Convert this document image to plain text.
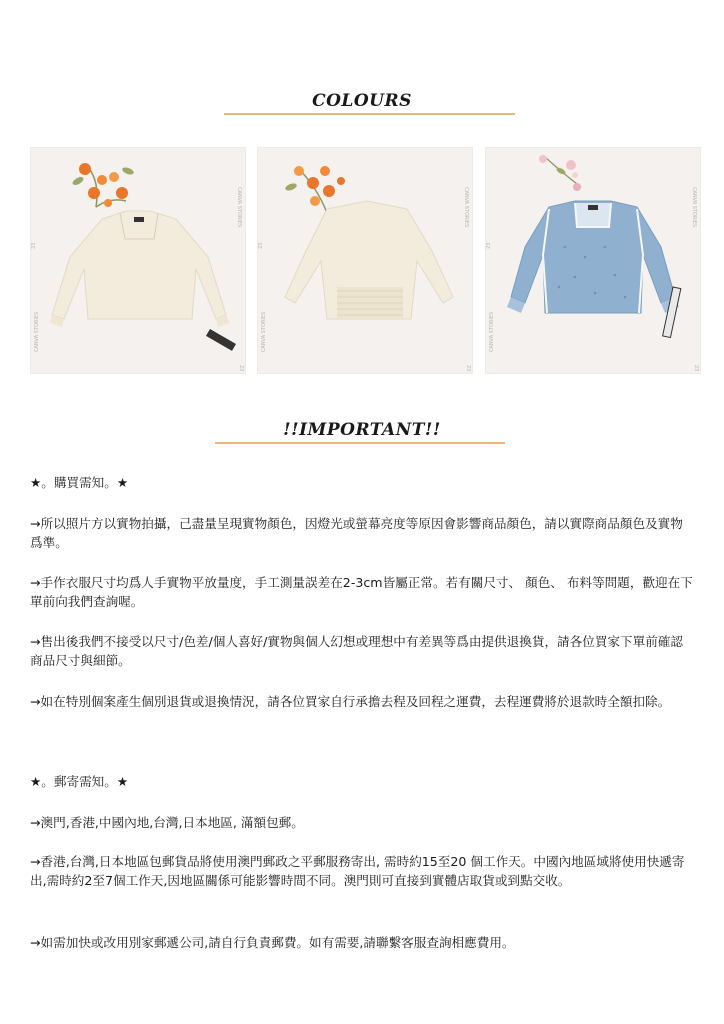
COLOURS
CANVA STORIES
CANVA STORIES
23
23
CANVA STORIES
CANVA STORIES
23
23
CANVA STORIES
CANVA STORIES
23
23
!!IMPORTANT!!
★。購買需知。★
→所以照片方以實物拍攝，己盡量呈現實物顏色，因燈光或螢幕亮度等原因會影響商品顏色，請以實際商品顏色及實物爲準。
→手作衣服尺寸均爲人手實物平放量度，手工測量誤差在2-3cm皆屬正常。若有關尺寸、 顏色、 布料等問題，歡迎在下單前向我們查詢喔。
→售出後我們不接受以尺寸/色差/個人喜好/實物與個人幻想或理想中有差異等爲由提供退換貨，請各位買家下單前確認商品尺寸與細節。
→如在特別個案產生個別退貨或退換情況，請各位買家自行承擔去程及回程之運費，去程運費將於退款時全額扣除。
★。郵寄需知。★
→澳門,香港,中國內地,台灣,日本地區, 滿額包郵。
→香港,台灣,日本地區包郵貨品將使用澳門郵政之平郵服務寄出, 需時約15至20 個工作天。中國內地區域將使用快遞寄出,需時約2至7個工作天,因地區關係可能影響時間不同。澳門則可直接到實體店取貨或到點交收。
→如需加快或改用別家郵遞公司,請自行負責郵費。如有需要,請聯繫客服查詢相應費用。
